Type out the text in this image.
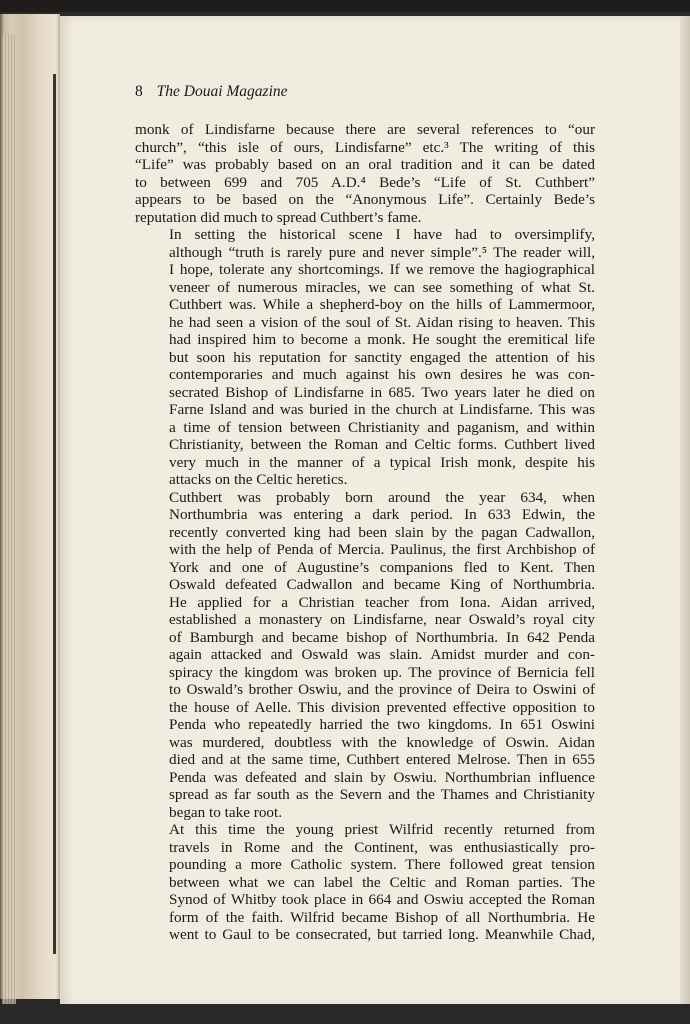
8 The Douai Magazine
monk of Lindisfarne because there are several references to “our
church”, “this isle of ours, Lindisfarne” etc.³ The writing of this
“Life” was probably based on an oral tradition and it can be dated
to between 699 and 705 A.D.⁴ Bede’s “Life of St. Cuthbert”
appears to be based on the “Anonymous Life”. Certainly Bede’s
reputation did much to spread Cuthbert’s fame.
In setting the historical scene I have had to oversimplify,
although “truth is rarely pure and never simple”.⁵ The reader will,
I hope, tolerate any shortcomings. If we remove the hagiographical
veneer of numerous miracles, we can see something of what St.
Cuthbert was. While a shepherd-boy on the hills of Lammermoor,
he had seen a vision of the soul of St. Aidan rising to heaven. This
had inspired him to become a monk. He sought the eremitical life
but soon his reputation for sanctity engaged the attention of his
contemporaries and much against his own desires he was con-
secrated Bishop of Lindisfarne in 685. Two years later he died on
Farne Island and was buried in the church at Lindisfarne. This was
a time of tension between Christianity and paganism, and within
Christianity, between the Roman and Celtic forms. Cuthbert lived
very much in the manner of a typical Irish monk, despite his
attacks on the Celtic heretics.
Cuthbert was probably born around the year 634, when
Northumbria was entering a dark period. In 633 Edwin, the
recently converted king had been slain by the pagan Cadwallon,
with the help of Penda of Mercia. Paulinus, the first Archbishop of
York and one of Augustine’s companions fled to Kent. Then
Oswald defeated Cadwallon and became King of Northumbria.
He applied for a Christian teacher from Iona. Aidan arrived,
established a monastery on Lindisfarne, near Oswald’s royal city
of Bamburgh and became bishop of Northumbria. In 642 Penda
again attacked and Oswald was slain. Amidst murder and con-
spiracy the kingdom was broken up. The province of Bernicia fell
to Oswald’s brother Oswiu, and the province of Deira to Oswini of
the house of Aelle. This division prevented effective opposition to
Penda who repeatedly harried the two kingdoms. In 651 Oswini
was murdered, doubtless with the knowledge of Oswin. Aidan
died and at the same time, Cuthbert entered Melrose. Then in 655
Penda was defeated and slain by Oswiu. Northumbrian influence
spread as far south as the Severn and the Thames and Christianity
began to take root.
At this time the young priest Wilfrid recently returned from
travels in Rome and the Continent, was enthusiastically pro-
pounding a more Catholic system. There followed great tension
between what we can label the Celtic and Roman parties. The
Synod of Whitby took place in 664 and Oswiu accepted the Roman
form of the faith. Wilfrid became Bishop of all Northumbria. He
went to Gaul to be consecrated, but tarried long. Meanwhile Chad,
